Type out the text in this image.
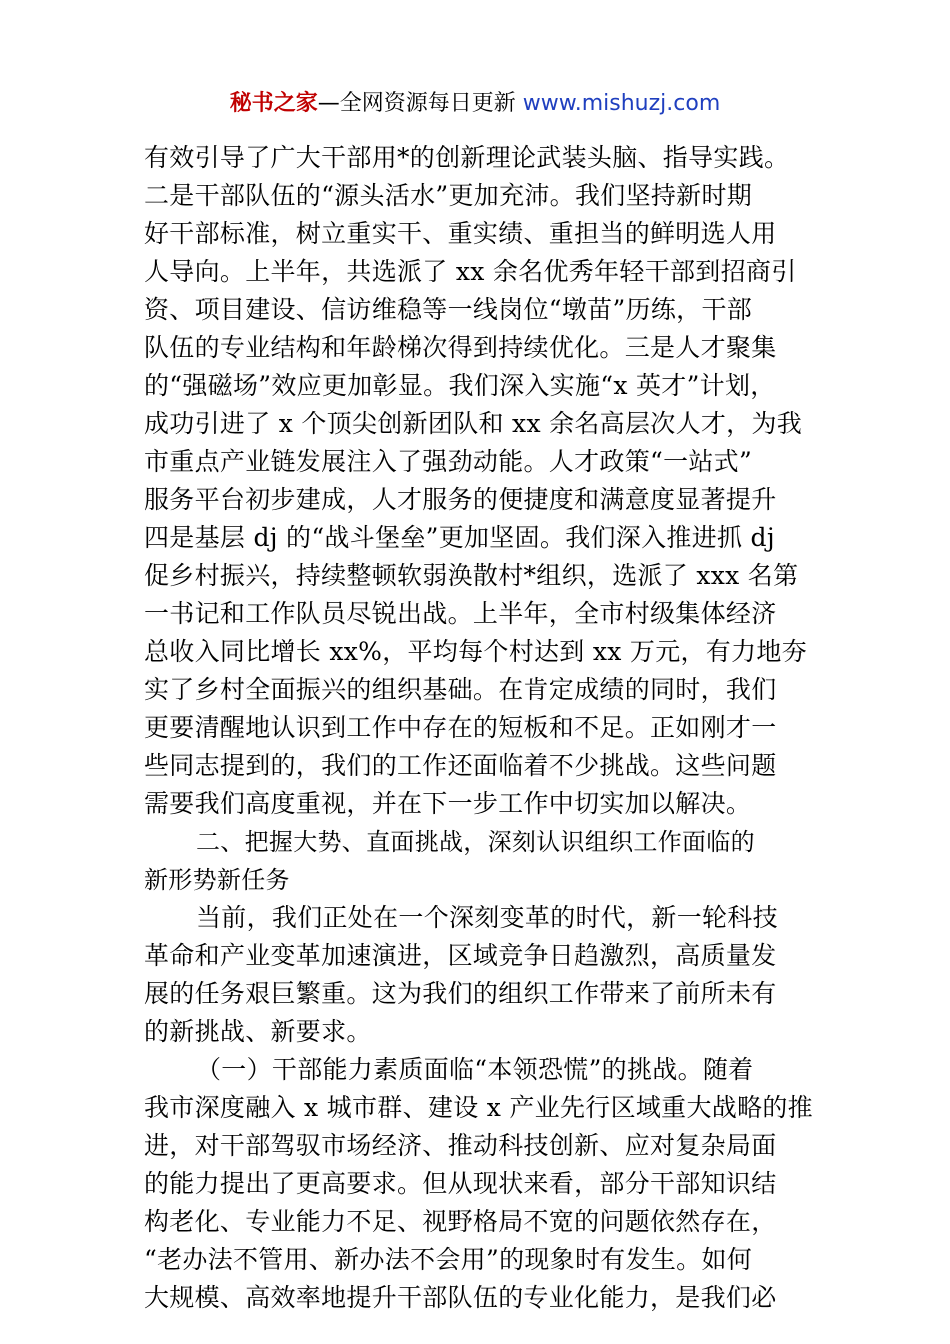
秘书之家—全网资源每日更新 www.mishuzj.com
有效引导了广大干部用*的创新理论武装头脑、指导实践。
二是干部队伍的“源头活水”更加充沛。我们坚持新时期
好干部标准，树立重实干、重实绩、重担当的鲜明选人用
人导向。上半年，共选派了 xx 余名优秀年轻干部到招商引
资、项目建设、信访维稳等一线岗位“墩苗”历练，干部
队伍的专业结构和年龄梯次得到持续优化。三是人才聚集
的“强磁场”效应更加彰显。我们深入实施“x 英才”计划，
成功引进了 x 个顶尖创新团队和 xx 余名高层次人才，为我
市重点产业链发展注入了强劲动能。人才政策“一站式”
服务平台初步建成，人才服务的便捷度和满意度显著提升
四是基层 dj 的“战斗堡垒”更加坚固。我们深入推进抓 dj
促乡村振兴，持续整顿软弱涣散村*组织，选派了 xxx 名第
一书记和工作队员尽锐出战。上半年，全市村级集体经济
总收入同比增长 xx%，平均每个村达到 xx 万元，有力地夯
实了乡村全面振兴的组织基础。在肯定成绩的同时，我们
更要清醒地认识到工作中存在的短板和不足。正如刚才一
些同志提到的，我们的工作还面临着不少挑战。这些问题
需要我们高度重视，并在下一步工作中切实加以解决。
二、把握大势、直面挑战，深刻认识组织工作面临的
新形势新任务
当前，我们正处在一个深刻变革的时代，新一轮科技
革命和产业变革加速演进，区域竞争日趋激烈，高质量发
展的任务艰巨繁重。这为我们的组织工作带来了前所未有
的新挑战、新要求。
（一）干部能力素质面临“本领恐慌”的挑战。随着
我市深度融入 x 城市群、建设 x 产业先行区域重大战略的推
进，对干部驾驭市场经济、推动科技创新、应对复杂局面
的能力提出了更高要求。但从现状来看，部分干部知识结
构老化、专业能力不足、视野格局不宽的问题依然存在，
“老办法不管用、新办法不会用”的现象时有发生。如何
大规模、高效率地提升干部队伍的专业化能力，是我们必
